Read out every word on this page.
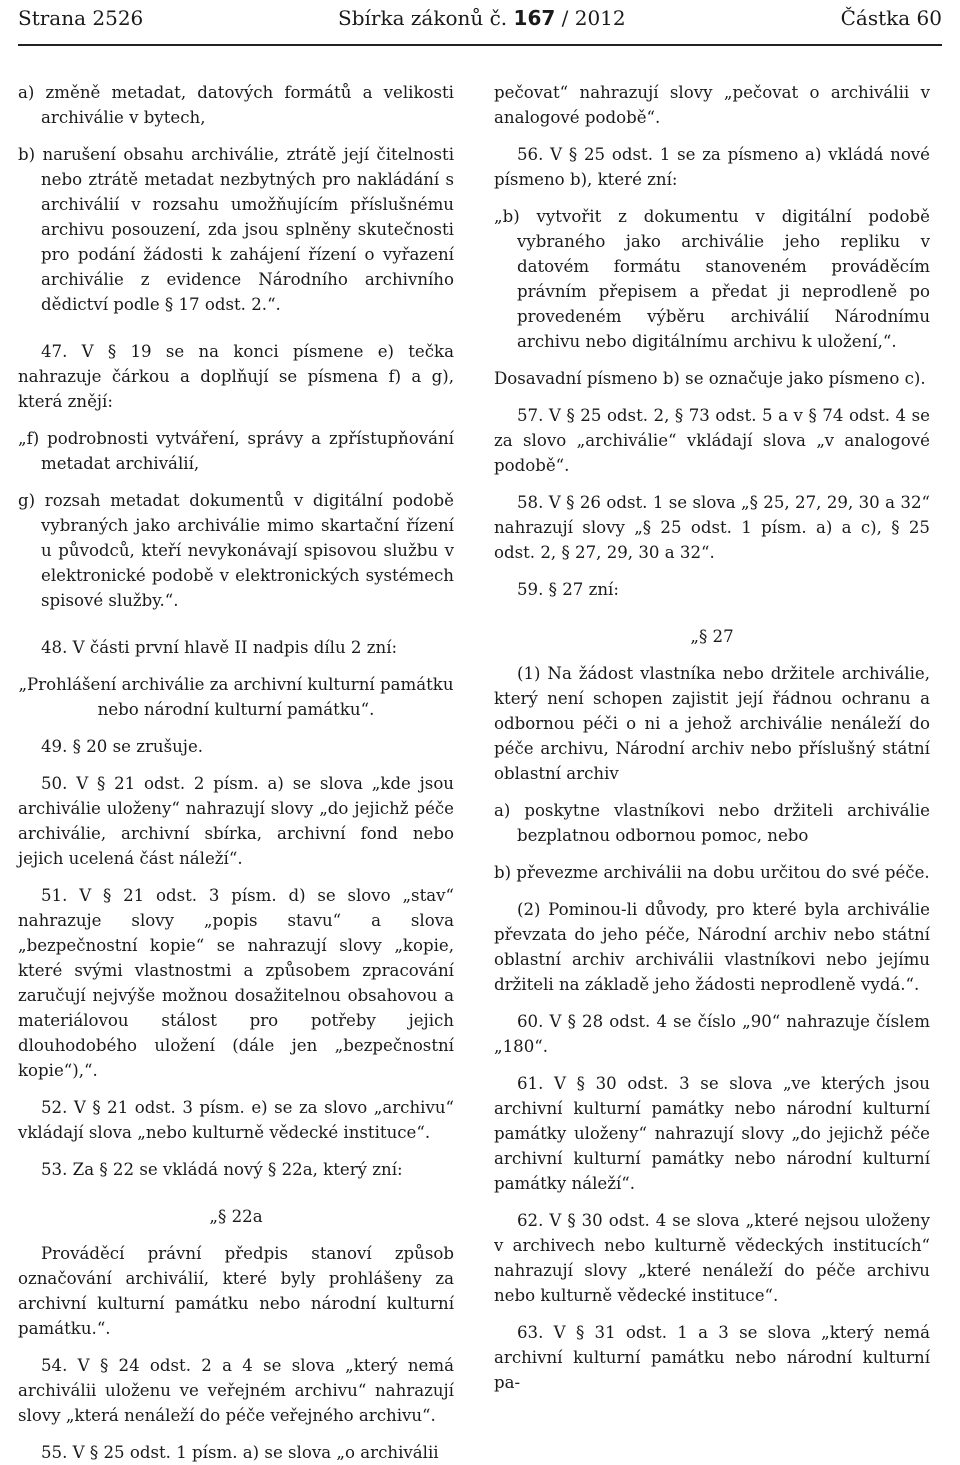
Strana 2526	Sbírka zákonů č. 167 / 2012	Částka 60

a) změně metadat, datových formátů a velikosti archiválie v bytech,

b) narušení obsahu archiválie, ztrátě její čitelnosti nebo ztrátě metadat nezbytných pro nakládání s archiválií v rozsahu umožňujícím příslušnému archivu posouzení, zda jsou splněny skutečnosti pro podání žádosti k zahájení řízení o vyřazení archiválie z evidence Národního archivního dědictví podle § 17 odst. 2.“.

47. V § 19 se na konci písmene e) tečka nahrazuje čárkou a doplňují se písmena f) a g), která znějí:

„f) podrobnosti vytváření, správy a zpřístupňování metadat archiválií,

g) rozsah metadat dokumentů v digitální podobě vybraných jako archiválie mimo skartační řízení u původců, kteří nevykonávají spisovou službu v elektronické podobě v elektronických systémech spisové služby.“.

48. V části první hlavě II nadpis dílu 2 zní:

„Prohlášení archiválie za archivní kulturní památku nebo národní kulturní památku“.

49. § 20 se zrušuje.

50. V § 21 odst. 2 písm. a) se slova „kde jsou archiválie uloženy“ nahrazují slovy „do jejichž péče archiválie, archivní sbírka, archivní fond nebo jejich ucelená část náleží“.

51. V § 21 odst. 3 písm. d) se slovo „stav“ nahrazuje slovy „popis stavu“ a slova „bezpečnostní kopie“ se nahrazují slovy „kopie, které svými vlastnostmi a způsobem zpracování zaručují nejvýše možnou dosažitelnou obsahovou a materiálovou stálost pro potřeby jejich dlouhodobého uložení (dále jen „bezpečnostní kopie“),“.

52. V § 21 odst. 3 písm. e) se za slovo „archivu“ vkládají slova „nebo kulturně vědecké instituce“.

53. Za § 22 se vkládá nový § 22a, který zní:

„§ 22a

Prováděcí právní předpis stanoví způsob označování archiválií, které byly prohlášeny za archivní kulturní památku nebo národní kulturní památku.“.

54. V § 24 odst. 2 a 4 se slova „který nemá archiválii uloženu ve veřejném archivu“ nahrazují slovy „která nenáleží do péče veřejného archivu“.

55. V § 25 odst. 1 písm. a) se slova „o archiválii

pečovat“ nahrazují slovy „pečovat o archiválii v analogové podobě“.

56. V § 25 odst. 1 se za písmeno a) vkládá nové písmeno b), které zní:

„b) vytvořit z dokumentu v digitální podobě vybraného jako archiválie jeho repliku v datovém formátu stanoveném prováděcím právním přepisem a předat ji neprodleně po provedeném výběru archiválií Národnímu archivu nebo digitálnímu archivu k uložení,“.

Dosavadní písmeno b) se označuje jako písmeno c).

57. V § 25 odst. 2, § 73 odst. 5 a v § 74 odst. 4 se za slovo „archiválie“ vkládají slova „v analogové podobě“.

58. V § 26 odst. 1 se slova „§ 25, 27, 29, 30 a 32“ nahrazují slovy „§ 25 odst. 1 písm. a) a c), § 25 odst. 2, § 27, 29, 30 a 32“.

59. § 27 zní:

„§ 27

(1) Na žádost vlastníka nebo držitele archiválie, který není schopen zajistit její řádnou ochranu a odbornou péči o ni a jehož archiválie nenáleží do péče archivu, Národní archiv nebo příslušný státní oblastní archiv

a) poskytne vlastníkovi nebo držiteli archiválie bezplatnou odbornou pomoc, nebo

b) převezme archiválii na dobu určitou do své péče.

(2) Pominou-li důvody, pro které byla archiválie převzata do jeho péče, Národní archiv nebo státní oblastní archiv archiválii vlastníkovi nebo jejímu držiteli na základě jeho žádosti neprodleně vydá.“.

60. V § 28 odst. 4 se číslo „90“ nahrazuje číslem „180“.

61. V § 30 odst. 3 se slova „ve kterých jsou archivní kulturní památky nebo národní kulturní památky uloženy“ nahrazují slovy „do jejichž péče archivní kulturní památky nebo národní kulturní památky náleží“.

62. V § 30 odst. 4 se slova „které nejsou uloženy v archivech nebo kulturně vědeckých institucích“ nahrazují slovy „které nenáleží do péče archivu nebo kulturně vědecké instituce“.

63. V § 31 odst. 1 a 3 se slova „který nemá archivní kulturní památku nebo národní kulturní pa-
